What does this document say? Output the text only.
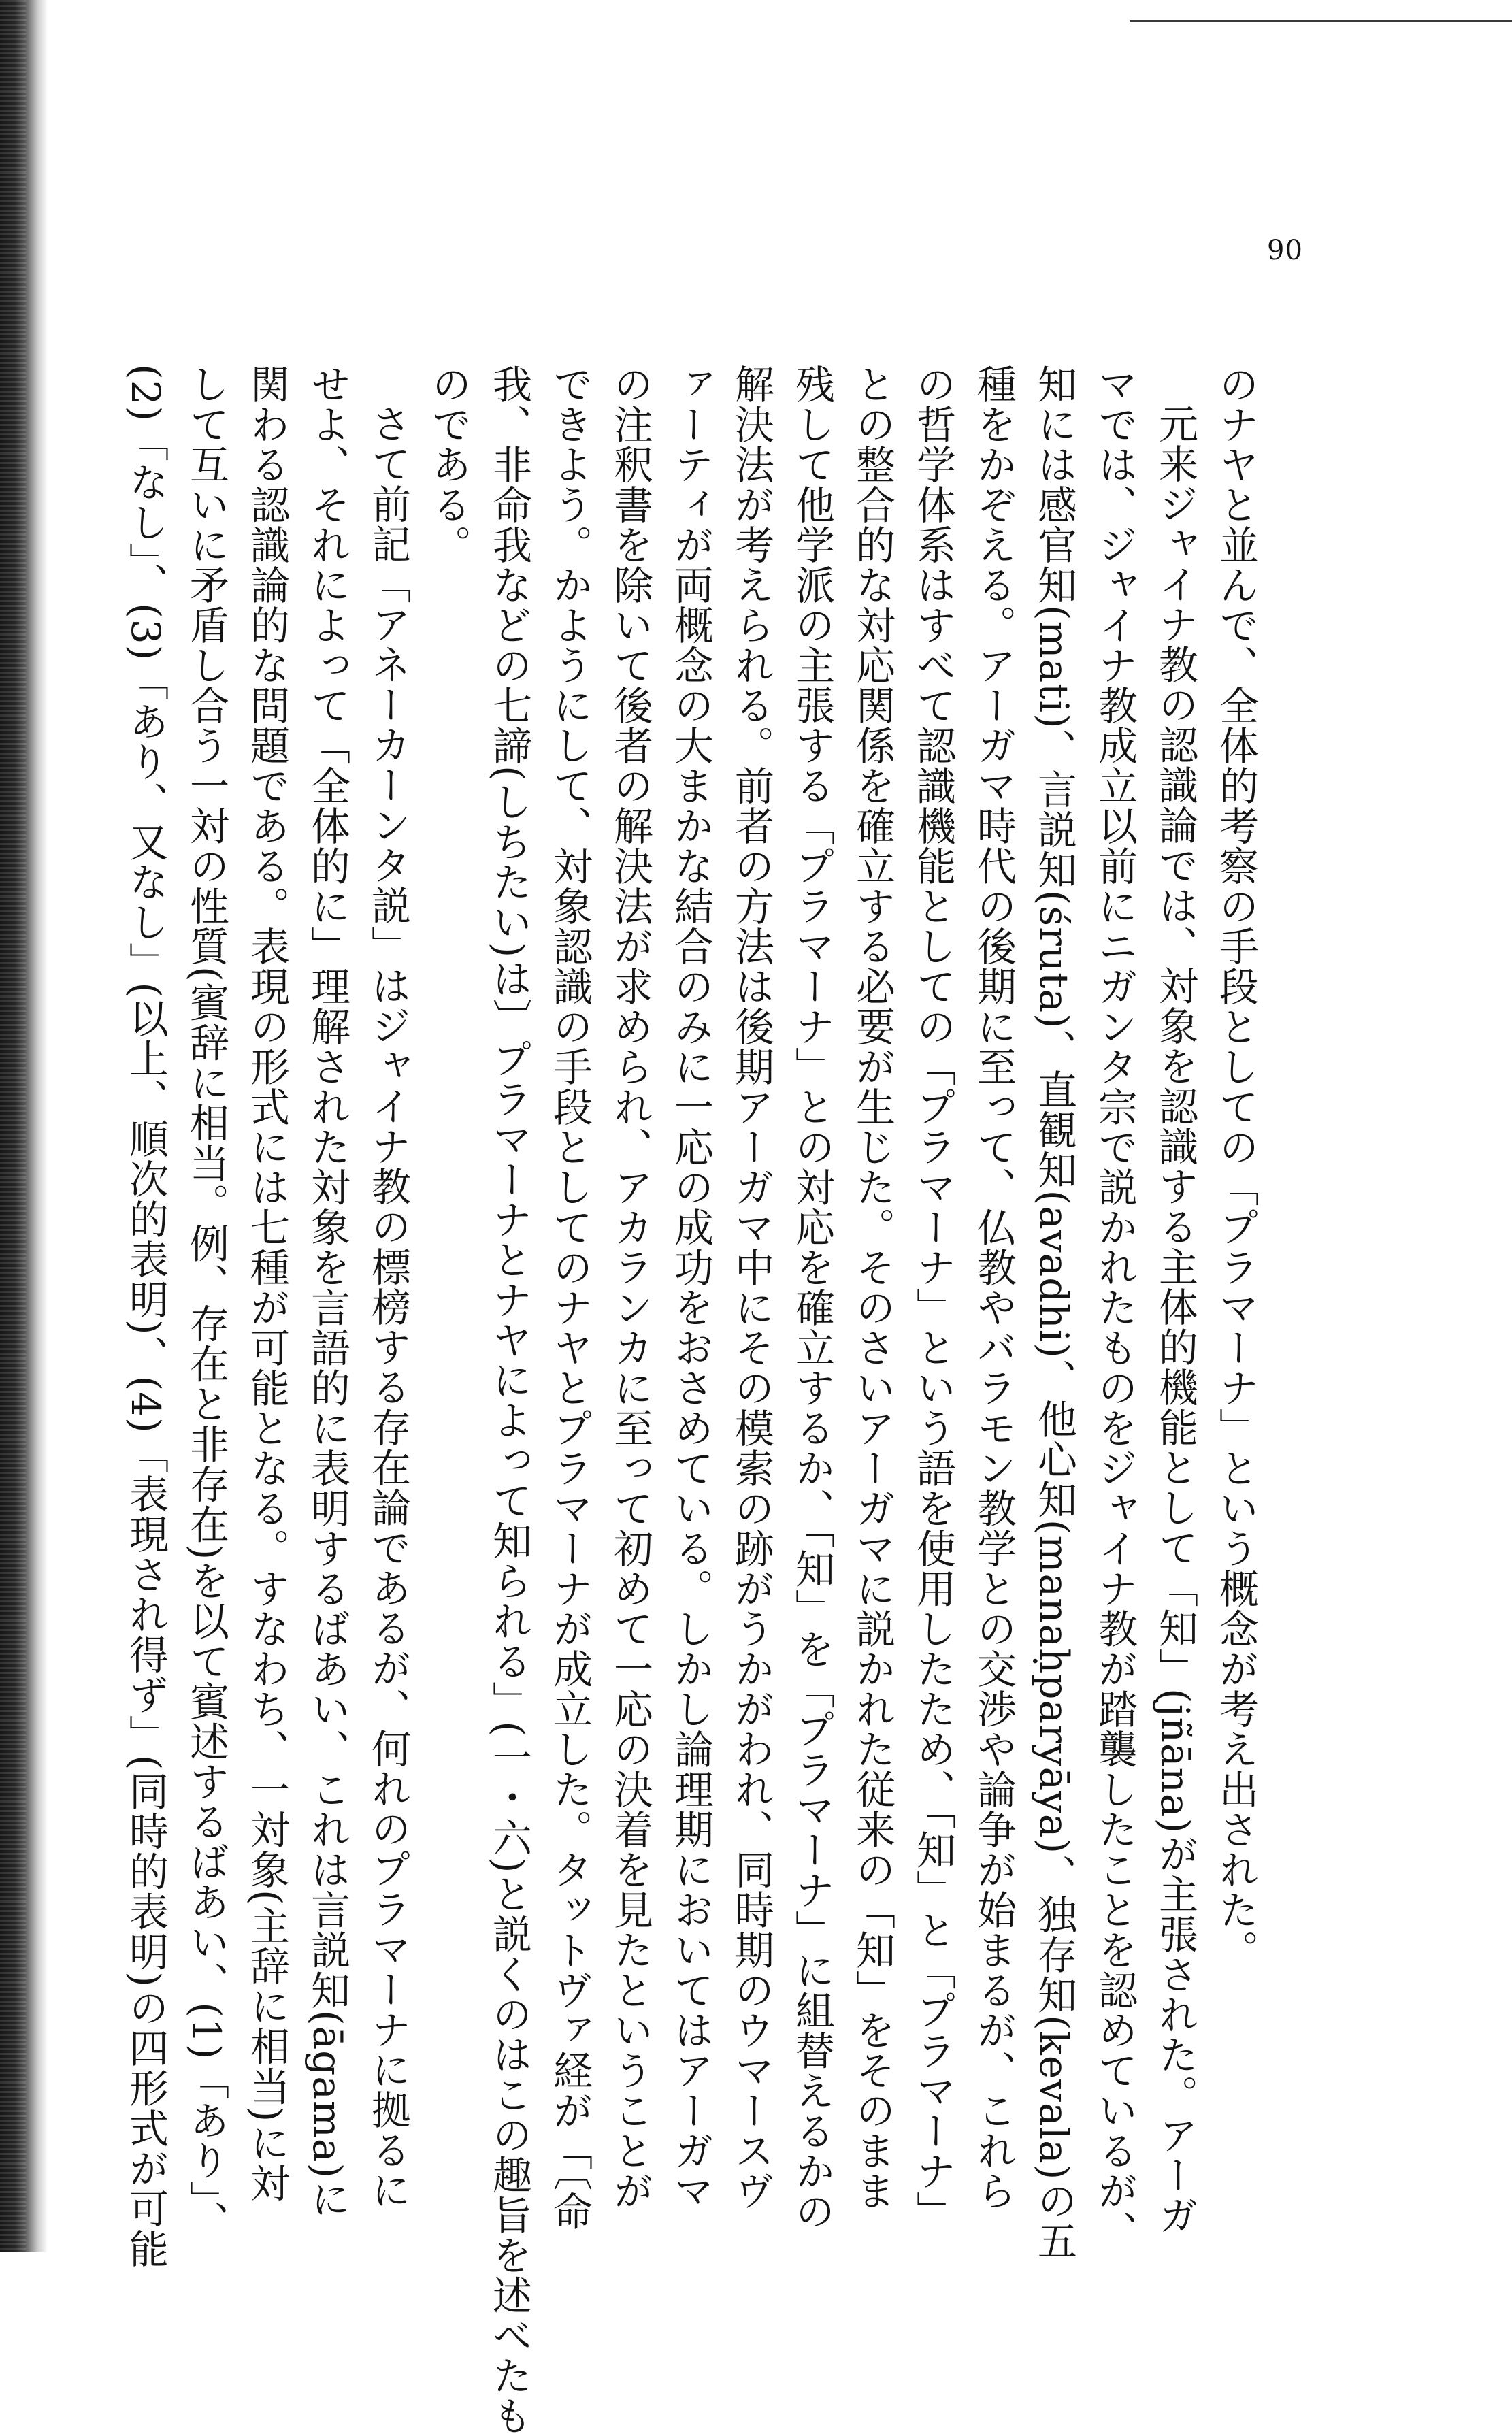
90
のナヤと並んで、全体的考察の手段としての「プラマーナ」という概念が考え出された。
元来ジャイナ教の認識論では、対象を認識する主体的機能として「知」(jñāna)が主張された。アーガ
マでは、ジャイナ教成立以前にニガンタ宗で説かれたものをジャイナ教が踏襲したことを認めているが、
知には感官知(mati)、言説知(śruta)、直観知(avadhi)、他心知(manaḥparyāya)、独存知(kevala)の五
種をかぞえる。アーガマ時代の後期に至って、仏教やバラモン教学との交渉や論争が始まるが、これら
の哲学体系はすべて認識機能としての「プラマーナ」という語を使用したため、「知」と「プラマーナ」
との整合的な対応関係を確立する必要が生じた。そのさいアーガマに説かれた従来の「知」をそのまま
残して他学派の主張する「プラマーナ」との対応を確立するか、「知」を「プラマーナ」に組替えるかの
解決法が考えられる。前者の方法は後期アーガマ中にその模索の跡がうかがわれ、同時期のウマースヴ
ァーティが両概念の大まかな結合のみに一応の成功をおさめている。しかし論理期においてはアーガマ
の注釈書を除いて後者の解決法が求められ、アカランカに至って初めて一応の決着を見たということが
できよう。かようにして、対象認識の手段としてのナヤとプラマーナが成立した。タットヴァ経が「〔命
我、非命我などの七諦(しちたい)は〕プラマーナとナヤによって知られる」(一・六)と説くのはこの趣旨を述べたも
のである。
さて前記「アネーカーンタ説」はジャイナ教の標榜する存在論であるが、何れのプラマーナに拠るに
せよ、それによって「全体的に」理解された対象を言語的に表明するばあい、これは言説知(āgama)に
関わる認識論的な問題である。表現の形式には七種が可能となる。すなわち、一対象(主辞に相当)に対
して互いに矛盾し合う一対の性質(賓辞に相当。例、存在と非存在)を以て賓述するばあい、(1)「あり」、
(2)「なし」、(3)「あり、又なし」(以上、順次的表明)、(4)「表現され得ず」(同時的表明)の四形式が可能
